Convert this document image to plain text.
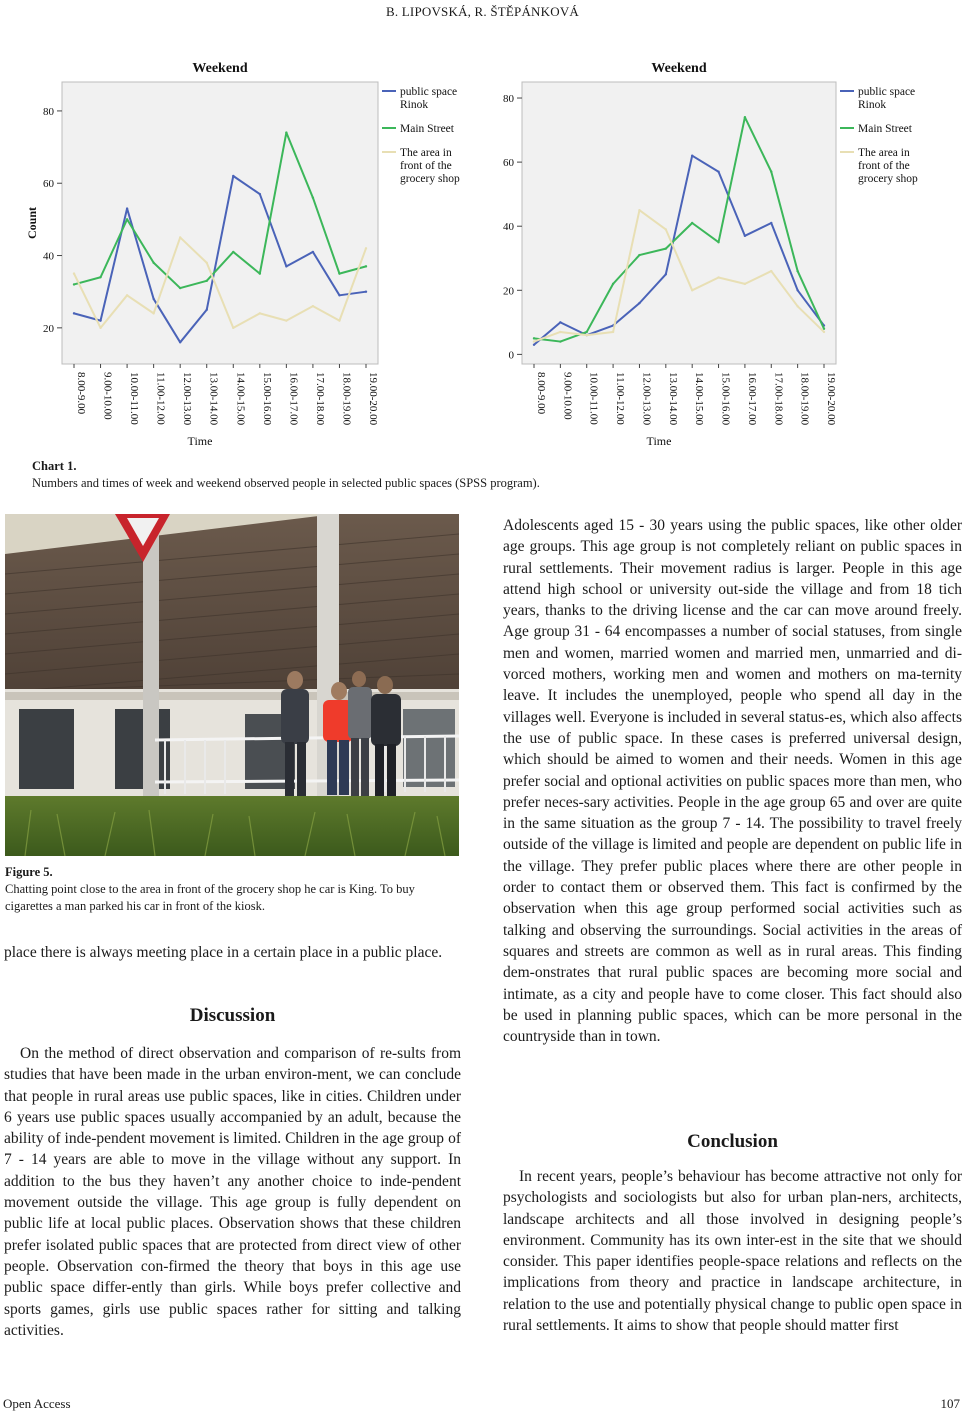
B. LIPOVSKÁ, R. ŠTĚPÁNKOVÁ
Weekend
20
40
60
80
Count
8.00-9.00 9.00-10.00 10.00-11.00 11.00-12.00 12.00-13.00 13.00-14.00 14.00-15.00 15.00-16.00 16.00-17.00 17.00-18.00 18.00-19.00 19.00-20.00
Time
public space
Rinok
Main Street
The area in
front of the
grocery shop
Weekend
0
20
40
60
80
8.00-9.00 9.00-10.00 10.00-11.00 11.00-12.00 12.00-13.00 13.00-14.00 14.00-15.00 15.00-16.00 16.00-17.00 17.00-18.00 18.00-19.00 19.00-20.00
Time
public space
Rinok
Main Street
The area in
front of the
grocery shop
Chart 1.
Numbers and times of week and weekend observed people in selected public spaces (SPSS program).
Figure 5.
Chatting point close to the area in front of the grocery shop he car is King. To buy cigarettes a man parked his car in front of the kiosk.

place there is always meeting place in a certain place in a public place.

Discussion

On the method of direct observation and comparison of re-sults from studies that have been made in the urban environ-ment, we can conclude that people in rural areas use public spaces, like in cities. Children under 6 years use public spaces usually accompanied by an adult, because the ability of inde-pendent movement is limited. Children in the age group of 7 - 14 years are able to move in the village without any support. In addition to the bus they haven’t any another choice to inde-pendent movement outside the village. This age group is fully dependent on public life at local public places. Observation shows that these children prefer isolated public spaces that are protected from direct view of other people. Observation con-firmed the theory that boys in this age use public space differ-ently than girls. While boys prefer collective and sports games, girls use public spaces rather for sitting and talking activities.

Adolescents aged 15 - 30 years using the public spaces, like other older age groups. This age group is not completely reliant on public spaces in rural settlements. Their movement radius is larger. People in this age attend high school or university out-side the village and from 18 tich years, thanks to the driving license and the car can move around freely. Age group 31 - 64 encompasses a number of social statuses, from single men and women, married women and married men, unmarried and di-vorced mothers, working men and women and mothers on ma-ternity leave. It includes the unemployed, people who spend all day in the villages well. Everyone is included in several status-es, which also affects the use of public space. In these cases is preferred universal design, which should be aimed to women and their needs. Women in this age prefer social and optional activities on public spaces more than men, who prefer neces-sary activities. People in the age group 65 and over are quite in the same situation as the group 7 - 14. The possibility to travel freely outside of the village is limited and people are dependent on public life in the village. They prefer public places where there are other people in order to contact them or observed them. This fact is confirmed by the observation when this age group performed social activities such as talking and observing the surroundings. Social activities in the areas of squares and streets are common as well as in rural areas. This finding dem-onstrates that rural public spaces are becoming more social and intimate, as a city and people have to come closer. This fact should also be used in planning public spaces, which can be more personal in the countryside than in town.

Conclusion

In recent years, people’s behaviour has become attractive not only for psychologists and sociologists but also for urban plan-ners, architects, landscape architects and all those involved in designing people’s environment. Community has its own inter-est in the site that we should consider. This paper identifies people-space relations and reflects on the implications from theory and practice in landscape architecture, in relation to the use and potentially physical change to public open space in rural settlements. It aims to show that people should matter first

Open Access	107
